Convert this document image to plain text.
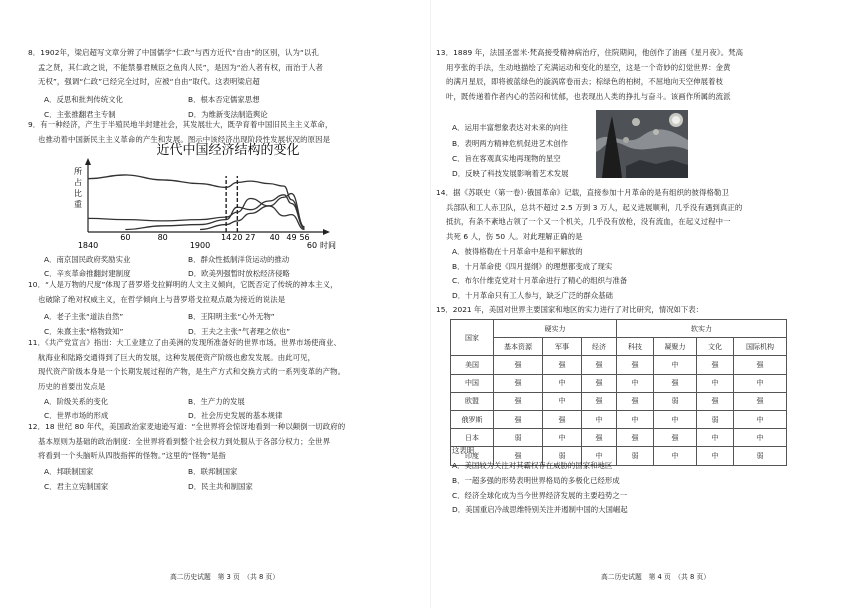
8．1902年，梁启超写文章分辨了中国儒学“仁政”与西方近代“自由”的区别，认为“以孔
孟之贤，其仁政之说，不能禁暴君贼臣之鱼肉人民”，是因为“治人者有权，而治于人者
无权”，强调“仁政”已经完全过时，应被“自由”取代。这表明梁启超
A．反思和批判传统文化	B．根本否定儒家思想
C．主张推翻君主专制	D．为维新变法制造舆论
9．有一种经济，产生于半殖民地半封建社会，其发展壮大，既孕育着中国旧民主主义革命，
也推动着中国新民主主义革命的产生和发展。图示中该经济出现阶段性发展状况的原因是
近代中国经济结构的变化
所占比重
1840
60	80
1900
14 20 27 40 49 56
60 时间
A．南京国民政府奖励实业	B．群众性抵制洋货运动的推动
C．辛亥革命推翻封建制度	D．欧美列强暂时放松经济侵略
10．“人是万物的尺度”体现了普罗塔戈拉鲜明的人文主义倾向，它既否定了传统的神本主义，
也破除了绝对权威主义，在哲学倾向上与普罗塔戈拉观点最为接近的说法是
A．老子主张“道法自然”	B．王阳明主张“心外无物”
C．朱熹主张“格物致知”	D．王夫之主张“气者理之依也”
11．《共产党宣言》指出：大工业建立了由美洲的发现所准备好的世界市场。世界市场使商业、
航海业和陆路交通得到了巨大的发展，这种发展使资产阶级也愈发发展。由此可见，
现代资产阶级本身是一个长期发展过程的产物，是生产方式和交换方式的一系列变革的产物。
历史的首要出发点是
A．阶级关系的变化	B．生产力的发展
C．世界市场的形成	D．社会历史发展的基本规律
12．18 世纪 80 年代，美国政治家麦迪逊写道：“全世界将会惊讶地看到一种以颠倒一切政府的
基本原则为基础的政治制度：全世界将看到整个社会权力到处服从于各部分权力；全世界
将看到一个头脑听从四肢指挥的怪物。”这里的“怪物”是指
A．邦联制国家	B．联邦制国家
C．君主立宪制国家	D．民主共和制国家
高二历史试题　第 3 页　（共 8 页）
13．1889 年，法国圣雷米·梵高接受精神病治疗，住院期间，他创作了油画《星月夜》。梵高
用亨张的手法，生动地描绘了充满运动和变化的星空，这是一个奇妙的幻觉世界：金黄
的满月星辰，即将被蓝绿色的漩涡席卷而去；棕绿色的柏树，不屈地向天空伸展着枝
叶，既传递着作者内心的苦闷和忧郁，也表现出人类的挣扎与奋斗。该画作所属的流派
A．运用丰富想象表达对未来的向往
B．表明两方精神危机促进艺术创作
C．旨在客观真实地再现物的星空
D．反映了科技发展影响着艺术发展
14．据《苏联史（第一卷）·俄国革命》记载，直接参加十月革命的是有组织的彼得格勒卫
兵部队和工人赤卫队，总共不超过 2.5 万到 3 万人，起义进展顺利，几乎没有遇到真正的
抵抗，有条不紊地占领了一个又一个机关，几乎没有放枪，没有流血，在起义过程中一
共死 6 人，伤 50 人。对此理解正确的是
A．彼得格勒在十月革命中是和平解放的
B．十月革命使《四月提纲》的理想都变成了现实
C．布尔什维克党对十月革命进行了精心的组织与准备
D．十月革命只有工人参与，缺乏广泛的群众基础
15．2021 年，美国对世界主要国家和地区的实力进行了对比研究，情况如下表：
国家	硬实力			软实力			
	基本资源	军事	经济	科技	凝聚力	文化	国际机构
美国	强	强	强	强	中	强	强
中国	强	中	强	中	强	中	中
欧盟	强	中	强	强	弱	强	强
俄罗斯	强	强	中	中	中	弱	中
日本	弱	中	强	强	强	中	中
印度	强	弱	中	弱	中	中	弱
这表明
A．美国较为关注对其霸权存在威胁的国家和地区
B．一超多强的形势表明世界格局的多极化已经形成
C．经济全球化成为当今世界经济发展的主要趋势之一
D．美国重启冷战思维特别关注并遏制中国的大国崛起
高二历史试题　第 4 页　（共 8 页）
